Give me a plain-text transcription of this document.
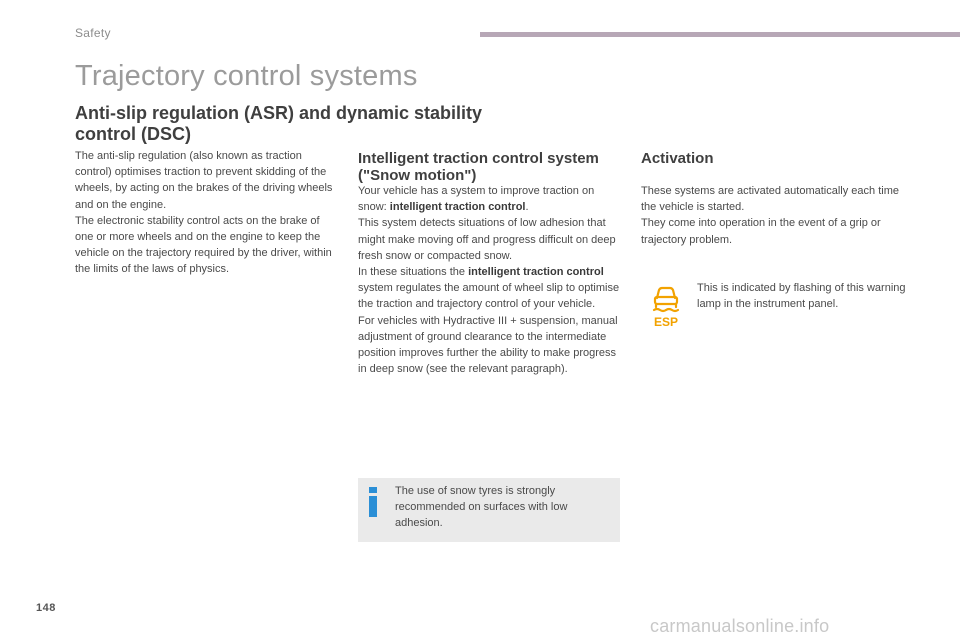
Safety
Trajectory control systems
Anti-slip regulation (ASR) and dynamic stability control (DSC)

The anti-slip regulation (also known as traction control) optimises traction to prevent skidding of the wheels, by acting on the brakes of the driving wheels and on the engine.

The electronic stability control acts on the brake of one or more wheels and on the engine to keep the vehicle on the trajectory required by the driver, within the limits of the laws of physics.

Intelligent traction control system ("Snow motion")

Your vehicle has a system to improve traction on snow: intelligent traction control.

This system detects situations of low adhesion that might make moving off and progress difficult on deep fresh snow or compacted snow.

In these situations the intelligent traction control system regulates the amount of wheel slip to optimise the traction and trajectory control of your vehicle.

For vehicles with Hydractive III + suspension, manual adjustment of ground clearance to the intermediate position improves further the ability to make progress in deep snow (see the relevant paragraph).

The use of snow tyres is strongly recommended on surfaces with low adhesion.
Activation

These systems are activated automatically each time the vehicle is started.

They come into operation in the event of a grip or trajectory problem.

ESP
This is indicated by flashing of this warning lamp in the instrument panel.
148
carmanualsonline.info
